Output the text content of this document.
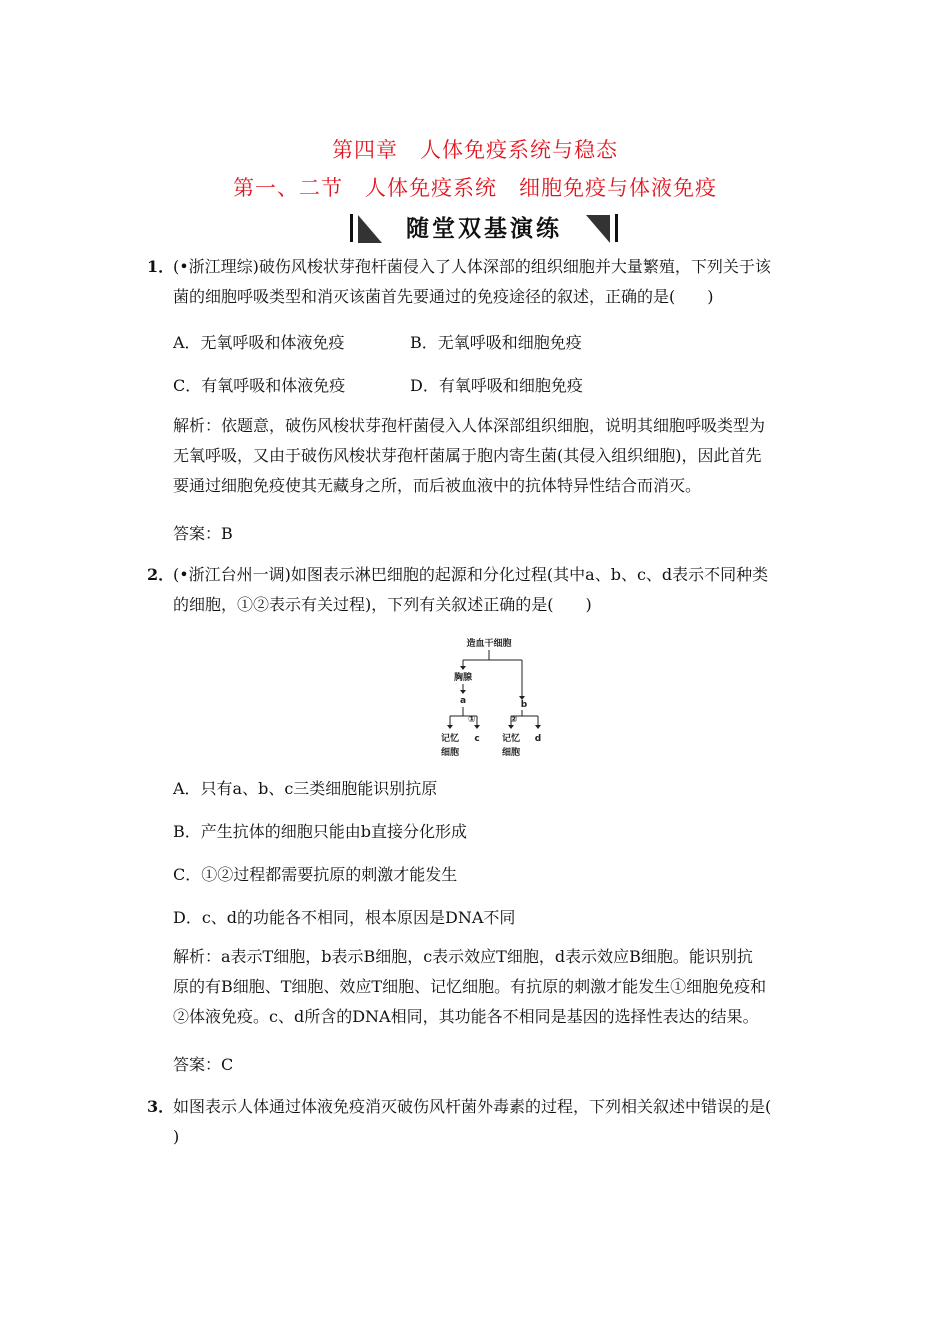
第四章　人体免疫系统与稳态
第一、二节　人体免疫系统　细胞免疫与体液免疫
随堂双基演练
1．
(•浙江理综)破伤风梭状芽孢杆菌侵入了人体深部的组织细胞并大量繁殖，下列关于该
菌的细胞呼吸类型和消灭该菌首先要通过的免疫途径的叙述，正确的是(　　)
A．无氧呼吸和体液免疫	B．无氧呼吸和细胞免疫
C．有氧呼吸和体液免疫	D．有氧呼吸和细胞免疫
解析：依题意，破伤风梭状芽孢杆菌侵入人体深部组织细胞，说明其细胞呼吸类型为
无氧呼吸，又由于破伤风梭状芽孢杆菌属于胞内寄生菌(其侵入组织细胞)，因此首先
要通过细胞免疫使其无藏身之所，而后被血液中的抗体特异性结合而消灭。
答案：B
2．
(•浙江台州一调)如图表示淋巴细胞的起源和分化过程(其中a、b、c、d表示不同种类
的细胞，①②表示有关过程)，下列有关叙述正确的是(　　)
造血干细胞
胸腺
a	b
①	②
记忆
细胞
c 记忆
细胞
d
A．只有a、b、c三类细胞能识别抗原
B．产生抗体的细胞只能由b直接分化形成
C．①②过程都需要抗原的刺激才能发生
D．c、d的功能各不相同，根本原因是DNA不同
解析：a表示T细胞，b表示B细胞，c表示效应T细胞，d表示效应B细胞。能识别抗
原的有B细胞、T细胞、效应T细胞、记忆细胞。有抗原的刺激才能发生①细胞免疫和
②体液免疫。c、d所含的DNA相同，其功能各不相同是基因的选择性表达的结果。
答案：C
3．
如图表示人体通过体液免疫消灭破伤风杆菌外毒素的过程，下列相关叙述中错误的是(
)
